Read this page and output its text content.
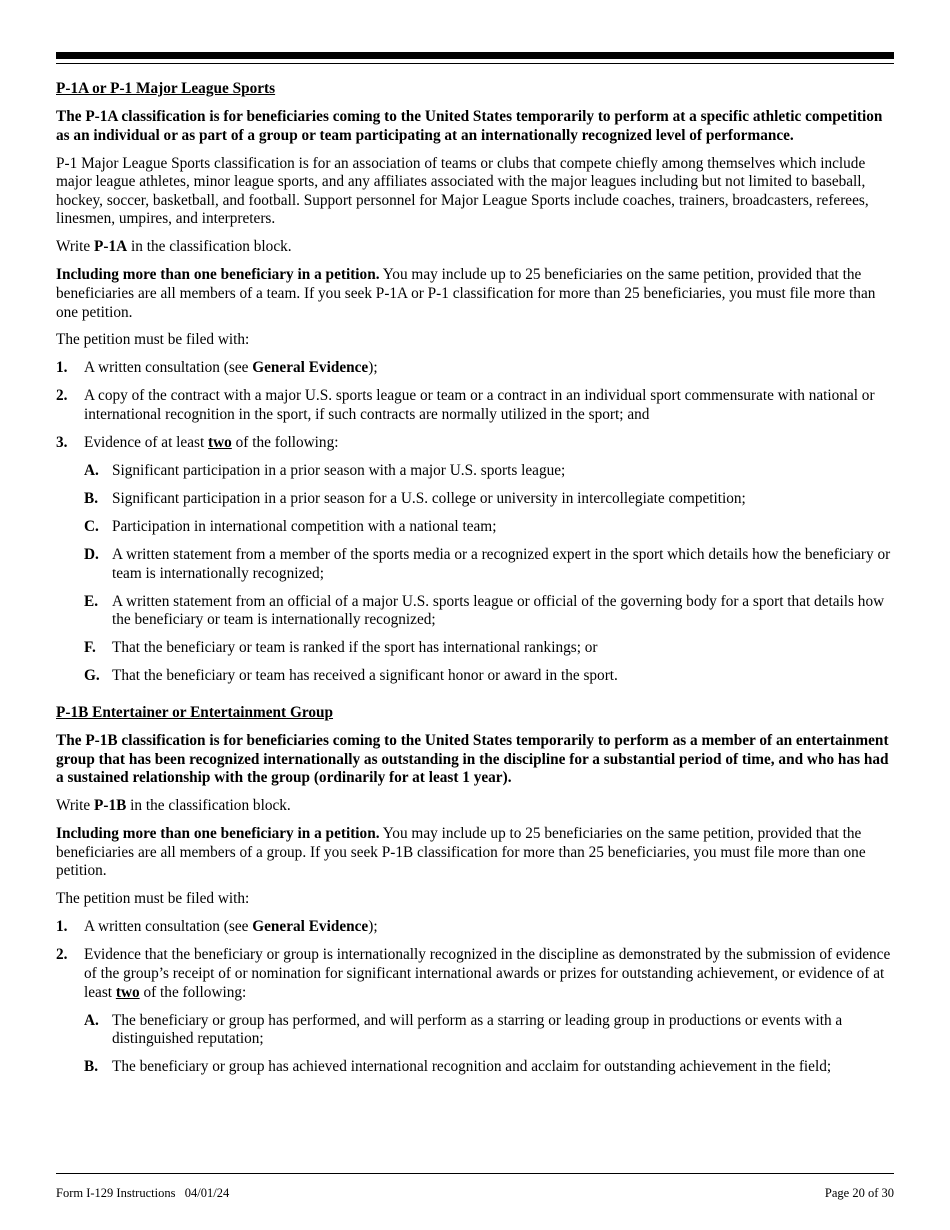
P-1A or P-1 Major League Sports

The P-1A classification is for beneficiaries coming to the United States temporarily to perform at a specific athletic competition as an individual or as part of a group or team participating at an internationally recognized level of performance.

P-1 Major League Sports classification is for an association of teams or clubs that compete chiefly among themselves which include major league athletes, minor league sports, and any affiliates associated with the major leagues including but not limited to baseball, hockey, soccer, basketball, and football. Support personnel for Major League Sports include coaches, trainers, broadcasters, referees, linesmen, umpires, and interpreters.

Write P-1A in the classification block.

Including more than one beneficiary in a petition. You may include up to 25 beneficiaries on the same petition, provided that the beneficiaries are all members of a team. If you seek P-1A or P-1 classification for more than 25 beneficiaries, you must file more than one petition.

The petition must be filed with:

1.	A written consultation (see General Evidence);
2.	A copy of the contract with a major U.S. sports league or team or a contract in an individual sport commensurate with national or international recognition in the sport, if such contracts are normally utilized in the sport; and
3.	Evidence of at least two of the following:
A. Significant participation in a prior season with a major U.S. sports league;
B. Significant participation in a prior season for a U.S. college or university in intercollegiate competition;
C. Participation in international competition with a national team;
D. A written statement from a member of the sports media or a recognized expert in the sport which details how the beneficiary or team is internationally recognized;
E. A written statement from an official of a major U.S. sports league or official of the governing body for a sport that details how the beneficiary or team is internationally recognized;
F.	That the beneficiary or team is ranked if the sport has international rankings; or
G. That the beneficiary or team has received a significant honor or award in the sport.
P-1B Entertainer or Entertainment Group

The P-1B classification is for beneficiaries coming to the United States temporarily to perform as a member of an entertainment group that has been recognized internationally as outstanding in the discipline for a substantial period of time, and who has had a sustained relationship with the group (ordinarily for at least 1 year).

Write P-1B in the classification block.

Including more than one beneficiary in a petition. You may include up to 25 beneficiaries on the same petition, provided that the beneficiaries are all members of a group. If you seek P-1B classification for more than 25 beneficiaries, you must file more than one petition.

The petition must be filed with:

1.	A written consultation (see General Evidence);
2.	Evidence that the beneficiary or group is internationally recognized in the discipline as demonstrated by the submission of evidence of the group’s receipt of or nomination for significant international awards or prizes for outstanding achievement, or evidence of at least two of the following:
A. The beneficiary or group has performed, and will perform as a starring or leading group in productions or events with a distinguished reputation;
B. The beneficiary or group has achieved international recognition and acclaim for outstanding achievement in the field;
Form I-129 Instructions   04/01/24	Page 20 of 30
